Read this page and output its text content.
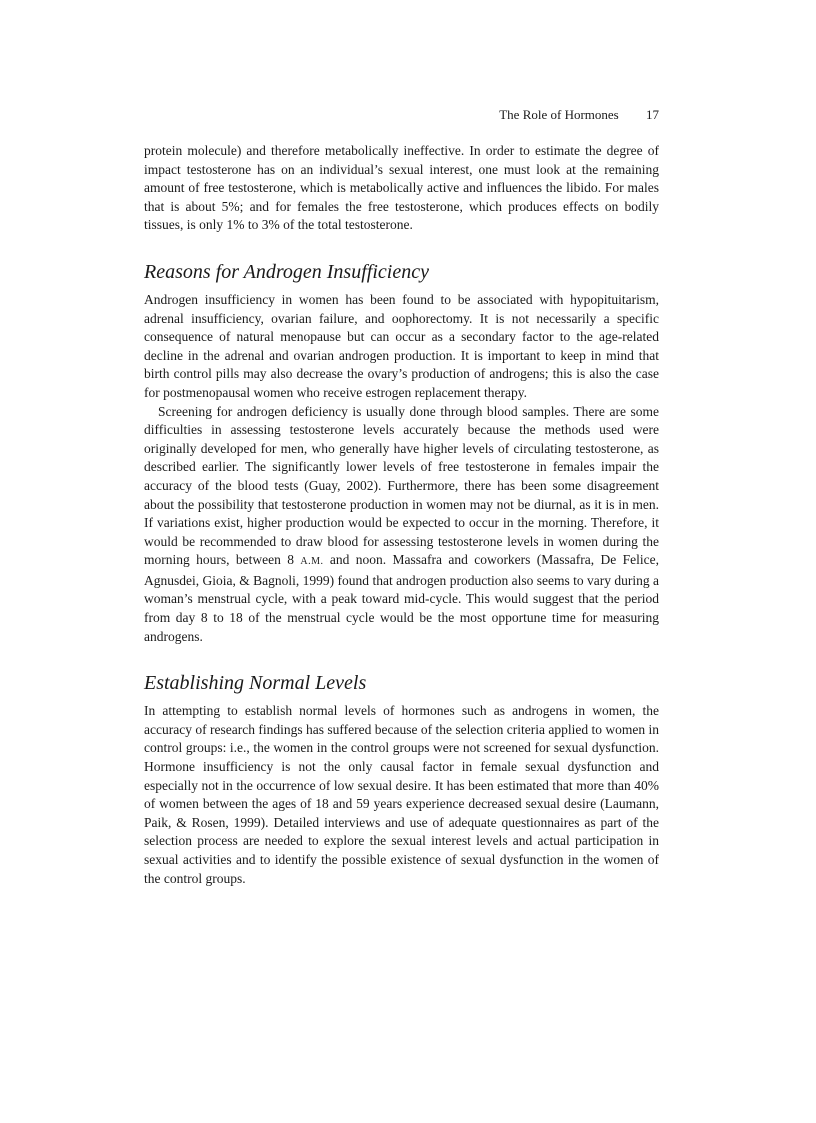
The Role of Hormones 17

protein molecule) and therefore metabolically ineffective. In order to estimate the degree of impact testosterone has on an individual’s sexual interest, one must look at the remaining amount of free testosterone, which is metabolically active and influences the libido. For males that is about 5%; and for females the free testosterone, which produces effects on bodily tissues, is only 1% to 3% of the total testosterone.

Reasons for Androgen Insufficiency

Androgen insufficiency in women has been found to be associated with hypopituitarism, adrenal insufficiency, ovarian failure, and oophorectomy. It is not necessarily a specific consequence of natural menopause but can occur as a secondary factor to the age-related decline in the adrenal and ovarian androgen production. It is important to keep in mind that birth control pills may also decrease the ovary’s production of androgens; this is also the case for postmenopausal women who receive estrogen replacement therapy.

Screening for androgen deficiency is usually done through blood samples. There are some difficulties in assessing testosterone levels accurately because the methods used were originally developed for men, who generally have higher levels of circulating testosterone, as described earlier. The significantly lower levels of free testosterone in females impair the accuracy of the blood tests (Guay, 2002). Furthermore, there has been some disagreement about the possibility that testosterone production in women may not be diurnal, as it is in men. If variations exist, higher production would be expected to occur in the morning. Therefore, it would be recommended to draw blood for assessing testosterone levels in women during the morning hours, between 8 A.M. and noon. Massafra and coworkers (Massafra, De Felice, Agnusdei, Gioia, & Bagnoli, 1999) found that androgen production also seems to vary during a woman’s menstrual cycle, with a peak toward mid-cycle. This would suggest that the period from day 8 to 18 of the menstrual cycle would be the most opportune time for measuring androgens.

Establishing Normal Levels

In attempting to establish normal levels of hormones such as androgens in women, the accuracy of research findings has suffered because of the selection criteria applied to women in control groups: i.e., the women in the control groups were not screened for sexual dysfunction. Hormone insufficiency is not the only causal factor in female sexual dysfunction and especially not in the occurrence of low sexual desire. It has been estimated that more than 40% of women between the ages of 18 and 59 years experience decreased sexual desire (Laumann, Paik, & Rosen, 1999). Detailed interviews and use of adequate questionnaires as part of the selection process are needed to explore the sexual interest levels and actual participation in sexual activities and to identify the possible existence of sexual dysfunction in the women of the control groups.
